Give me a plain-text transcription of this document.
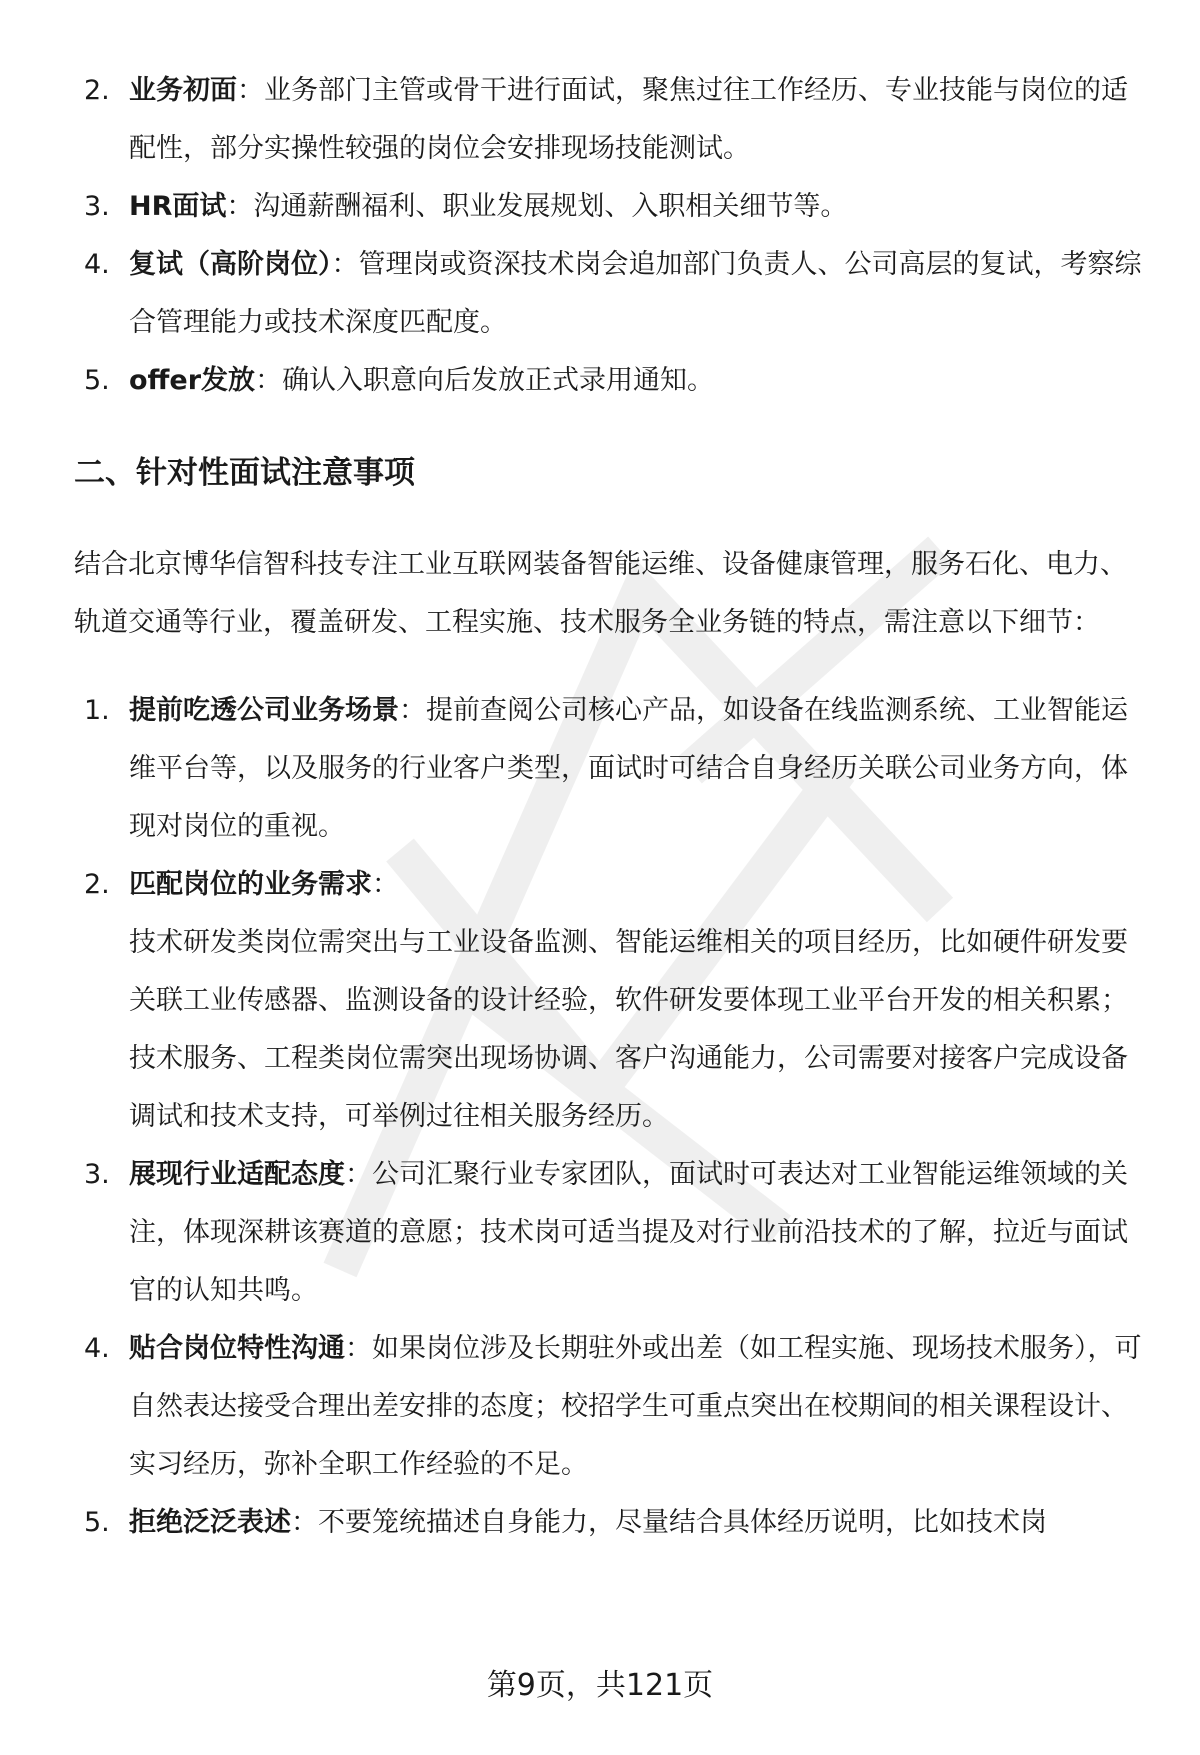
2. 业务初面：业务部门主管或骨干进行面试，聚焦过往工作经历、专业技能与岗位的适配性，部分实操性较强的岗位会安排现场技能测试。
3. HR面试：沟通薪酬福利、职业发展规划、入职相关细节等。
4. 复试（高阶岗位）：管理岗或资深技术岗会追加部门负责人、公司高层的复试，考察综合管理能力或技术深度匹配度。
5. offer发放：确认入职意向后发放正式录用通知。
二、针对性面试注意事项

结合北京博华信智科技专注工业互联网装备智能运维、设备健康管理，服务石化、电力、轨道交通等行业，覆盖研发、工程实施、技术服务全业务链的特点，需注意以下细节：

1. 提前吃透公司业务场景：提前查阅公司核心产品，如设备在线监测系统、工业智能运维平台等，以及服务的行业客户类型，面试时可结合自身经历关联公司业务方向，体现对岗位的重视。
2. 匹配岗位的业务需求：
技术研发类岗位需突出与工业设备监测、智能运维相关的项目经历，比如硬件研发要关联工业传感器、监测设备的设计经验，软件研发要体现工业平台开发的相关积累；技术服务、工程类岗位需突出现场协调、客户沟通能力，公司需要对接客户完成设备调试和技术支持，可举例过往相关服务经历。
3. 展现行业适配态度：公司汇聚行业专家团队，面试时可表达对工业智能运维领域的关注，体现深耕该赛道的意愿；技术岗可适当提及对行业前沿技术的了解，拉近与面试官的认知共鸣。
4. 贴合岗位特性沟通：如果岗位涉及长期驻外或出差（如工程实施、现场技术服务），可自然表达接受合理出差安排的态度；校招学生可重点突出在校期间的相关课程设计、实习经历，弥补全职工作经验的不足。
5. 拒绝泛泛表述：不要笼统描述自身能力，尽量结合具体经历说明，比如技术岗
第9页，共121页
